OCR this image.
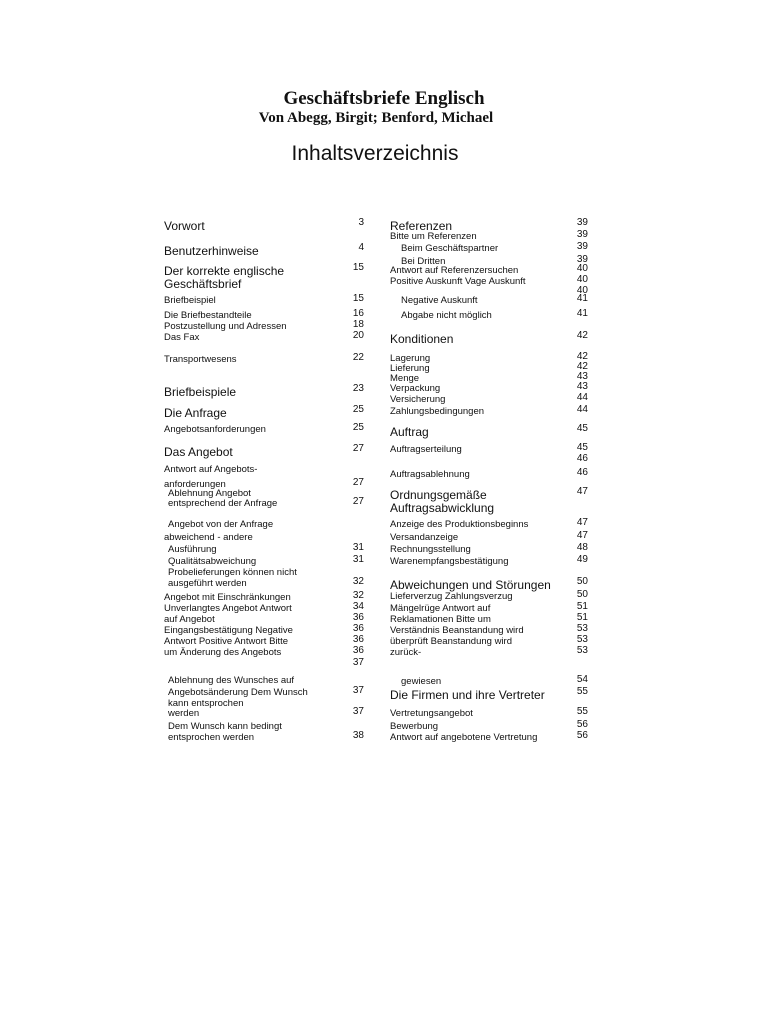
Geschäftsbriefe Englisch
Von Abegg, Birgit; Benford, Michael
Inhaltsverzeichnis
Vorwort	3
Benutzerhinweise	4
Der korrekte englische	15
Geschäftsbrief
Briefbeispiel	15
Die Briefbestandteile	16
Postzustellung und Adressen	18
Das Fax	20
Transportwesens	22
Briefbeispiele	23
Die Anfrage	25
Angebotsanforderungen	25
Das Angebot	27
Antwort auf Angebots-
anforderungen	27
Ablehnung Angebot
entsprechend der Anfrage	27
Angebot von der Anfrage
abweichend - andere
Ausführung	31
Qualitätsabweichung	31
Probelieferungen können nicht
ausgeführt werden	32
Angebot mit Einschränkungen	32
Unverlangtes Angebot Antwort	34
auf Angebot	36
Eingangsbestätigung Negative	36
Antwort Positive Antwort Bitte	36
um Änderung des Angebots	36
37
Ablehnung des Wunsches auf
Angebotsänderung Dem Wunsch	37
kann entsprochen
werden	37
Dem Wunsch kann bedingt
entsprochen werden	38
Referenzen	39
Bitte um Referenzen	39
Beim Geschäftspartner	39
Bei Dritten	39
Antwort auf Referenzersuchen	40
Positive Auskunft Vage Auskunft	40
40
Negative Auskunft	41
Abgabe nicht möglich	41
Konditionen	42
Lagerung	42
Lieferung	42
Menge	43
Verpackung	43
Versicherung	44
Zahlungsbedingungen	44
Auftrag	45
Auftragserteilung	45
46
Auftragsablehnung	46
Ordnungsgemäße	47
Auftragsabwicklung
Anzeige des Produktionsbeginns	47
Versandanzeige	47
Rechnungsstellung	48
Warenempfangsbestätigung	49
Abweichungen und Störungen	50
Lieferverzug Zahlungsverzug	50
Mängelrüge Antwort auf	51
Reklamationen Bitte um	51
Verständnis Beanstandung wird	53
überprüft Beanstandung wird	53
zurück-	53
gewiesen	54
Die Firmen und ihre Vertreter	55
Vertretungsangebot	55
Bewerbung	56
Antwort auf angebotene Vertretung	56
